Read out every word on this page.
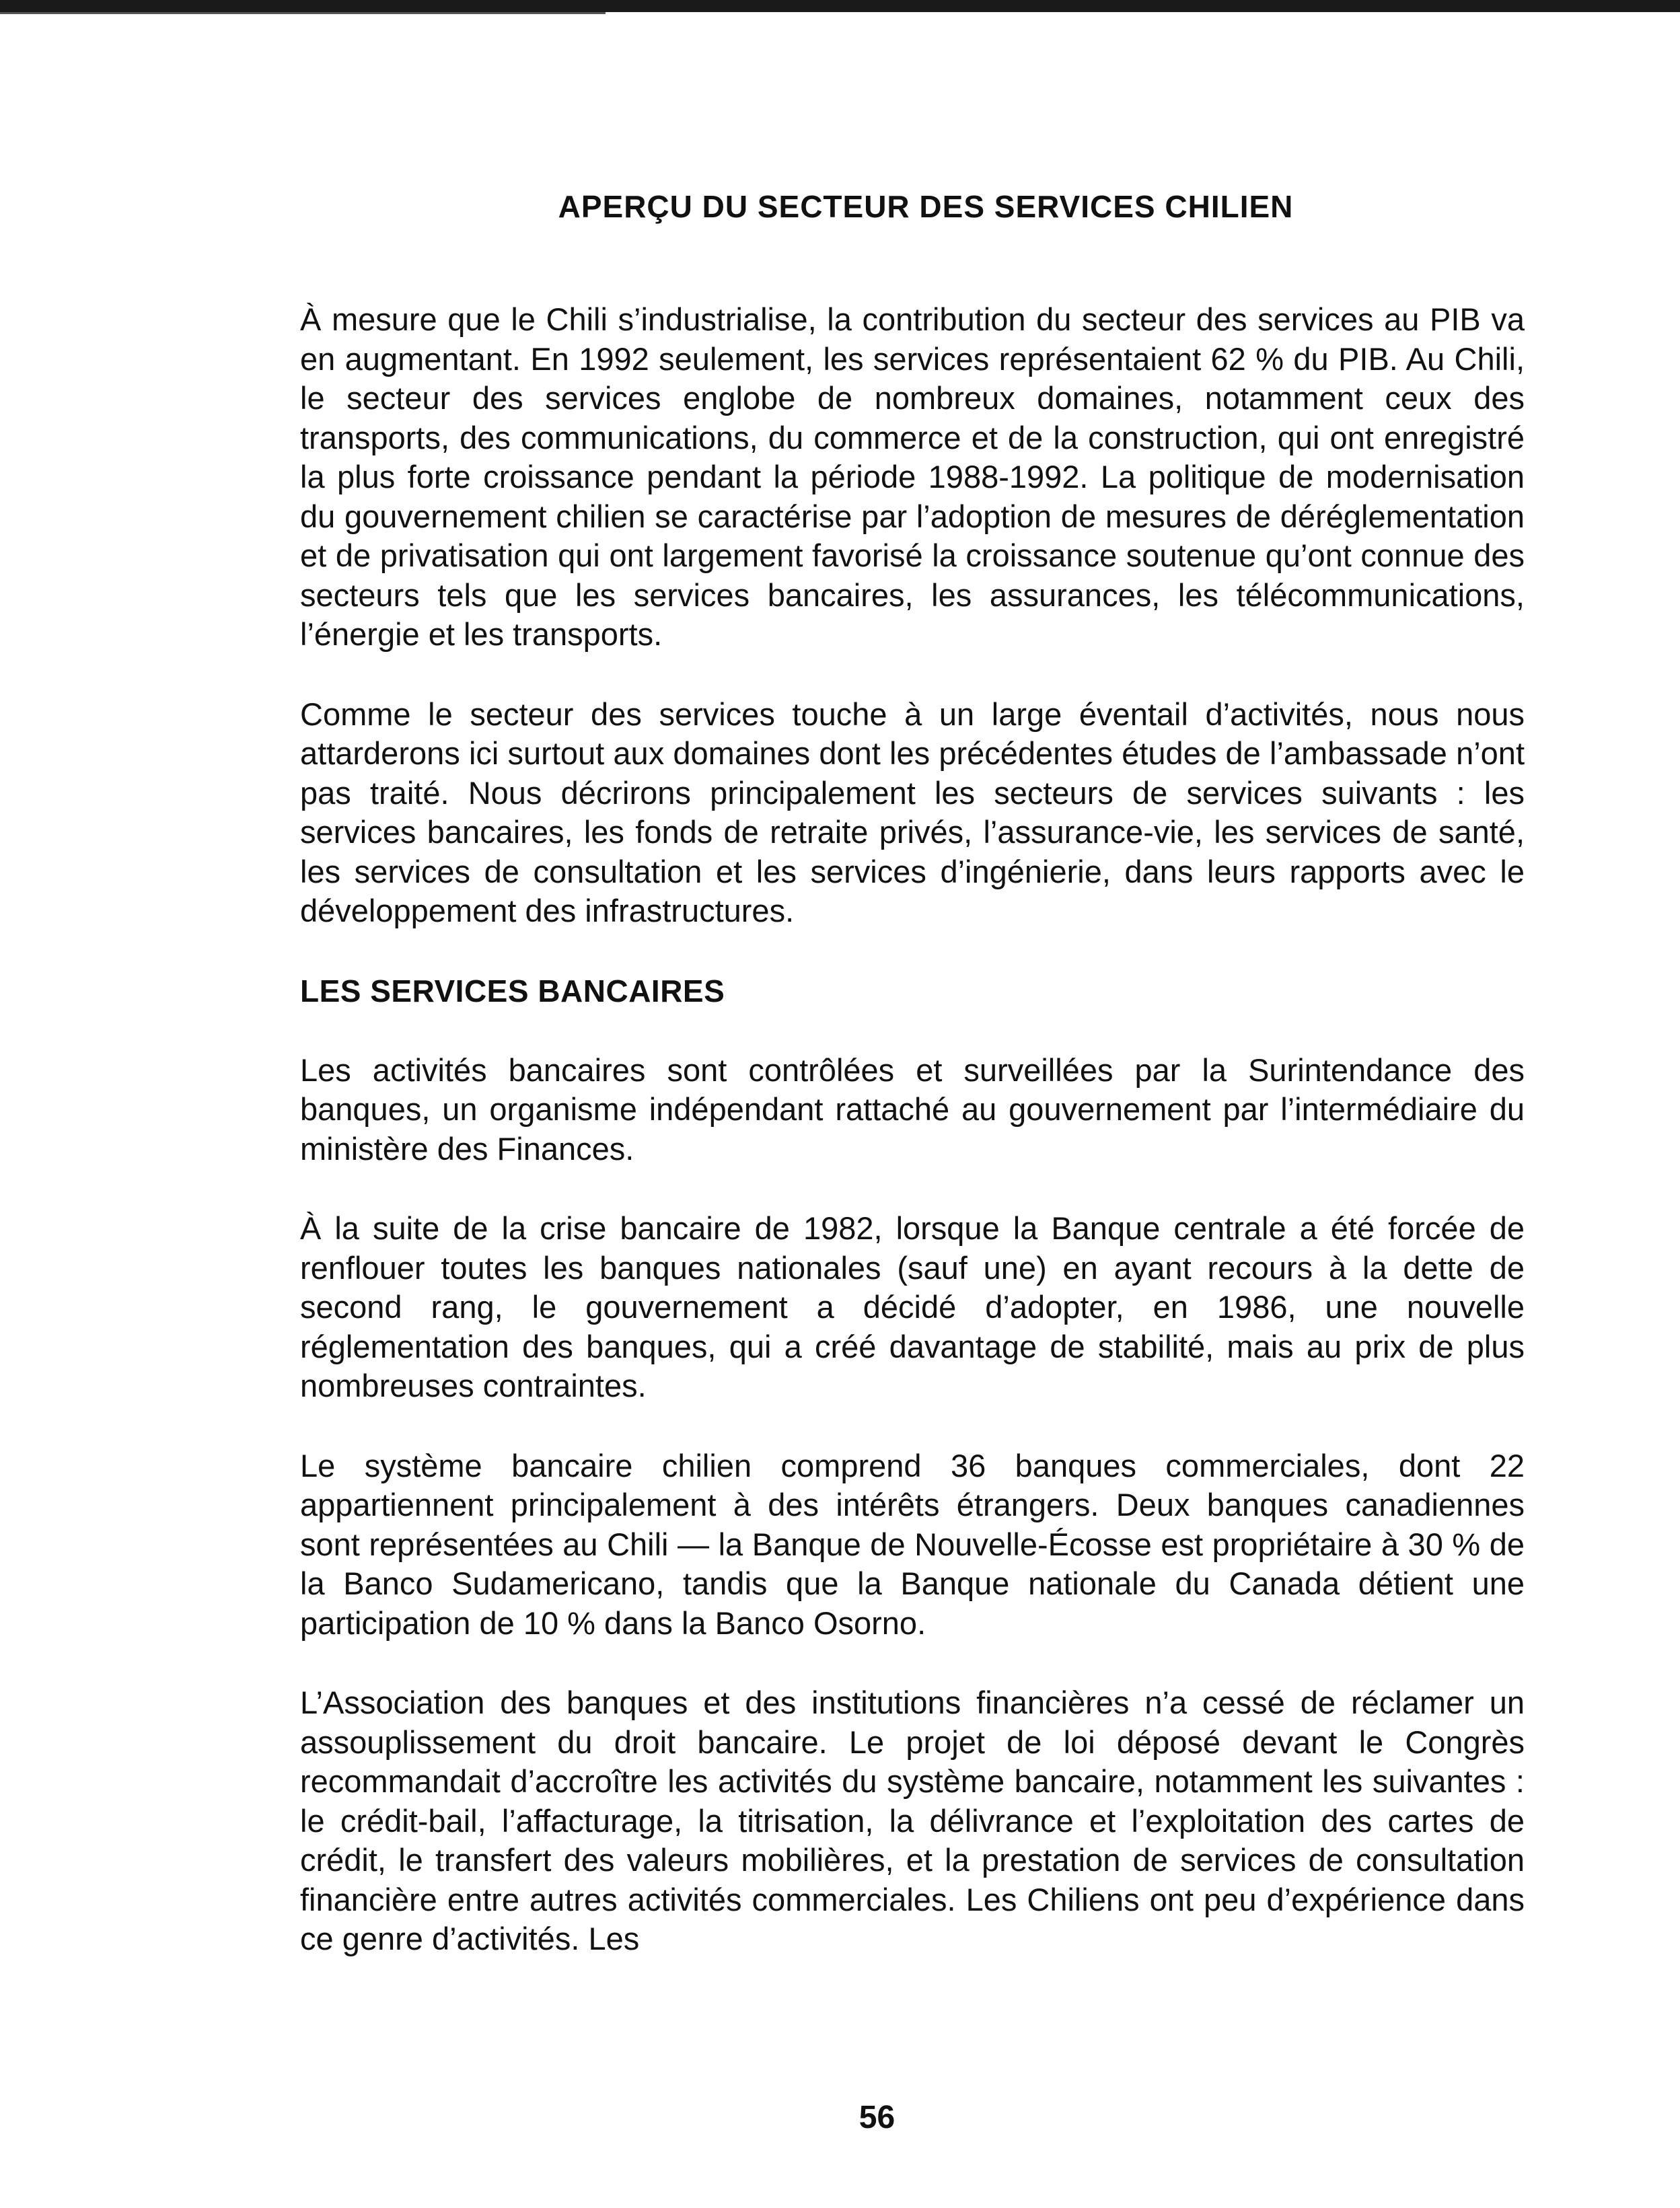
APERÇU DU SECTEUR DES SERVICES CHILIEN

À mesure que le Chili s’industrialise, la contribution du secteur des services au PIB va en augmentant. En 1992 seulement, les services représentaient 62 % du PIB. Au Chili, le secteur des services englobe de nombreux domaines, notamment ceux des transports, des communications, du commerce et de la construction, qui ont enregistré la plus forte croissance pendant la période 1988-1992. La politique de modernisation du gouvernement chilien se caractérise par l’adoption de mesures de déréglementation et de privatisation qui ont largement favorisé la croissance soutenue qu’ont connue des secteurs tels que les services bancaires, les assurances, les télécommunications, l’énergie et les transports.

Comme le secteur des services touche à un large éventail d’activités, nous nous attarderons ici surtout aux domaines dont les précédentes études de l’ambassade n’ont pas traité. Nous décrirons principalement les secteurs de services suivants : les services bancaires, les fonds de retraite privés, l’assurance-vie, les services de santé, les services de consultation et les services d’ingénierie, dans leurs rapports avec le développement des infrastructures.

LES SERVICES BANCAIRES

Les activités bancaires sont contrôlées et surveillées par la Surintendance des banques, un organisme indépendant rattaché au gouvernement par l’intermédiaire du ministère des Finances.

À la suite de la crise bancaire de 1982, lorsque la Banque centrale a été forcée de renflouer toutes les banques nationales (sauf une) en ayant recours à la dette de second rang, le gouvernement a décidé d’adopter, en 1986, une nouvelle réglementation des banques, qui a créé davantage de stabilité, mais au prix de plus nombreuses contraintes.

Le système bancaire chilien comprend 36 banques commerciales, dont 22 appartiennent principalement à des intérêts étrangers. Deux banques canadiennes sont représentées au Chili — la Banque de Nouvelle-Écosse est propriétaire à 30 % de la Banco Sudamericano, tandis que la Banque nationale du Canada détient une participation de 10 % dans la Banco Osorno.

L’Association des banques et des institutions financières n’a cessé de réclamer un assouplissement du droit bancaire. Le projet de loi déposé devant le Congrès recommandait d’accroître les activités du système bancaire, notamment les suivantes : le crédit-bail, l’affacturage, la titrisation, la délivrance et l’exploitation des cartes de crédit, le transfert des valeurs mobilières, et la prestation de services de consultation financière entre autres activités commerciales. Les Chiliens ont peu d’expérience dans ce genre d’activités. Les

56
